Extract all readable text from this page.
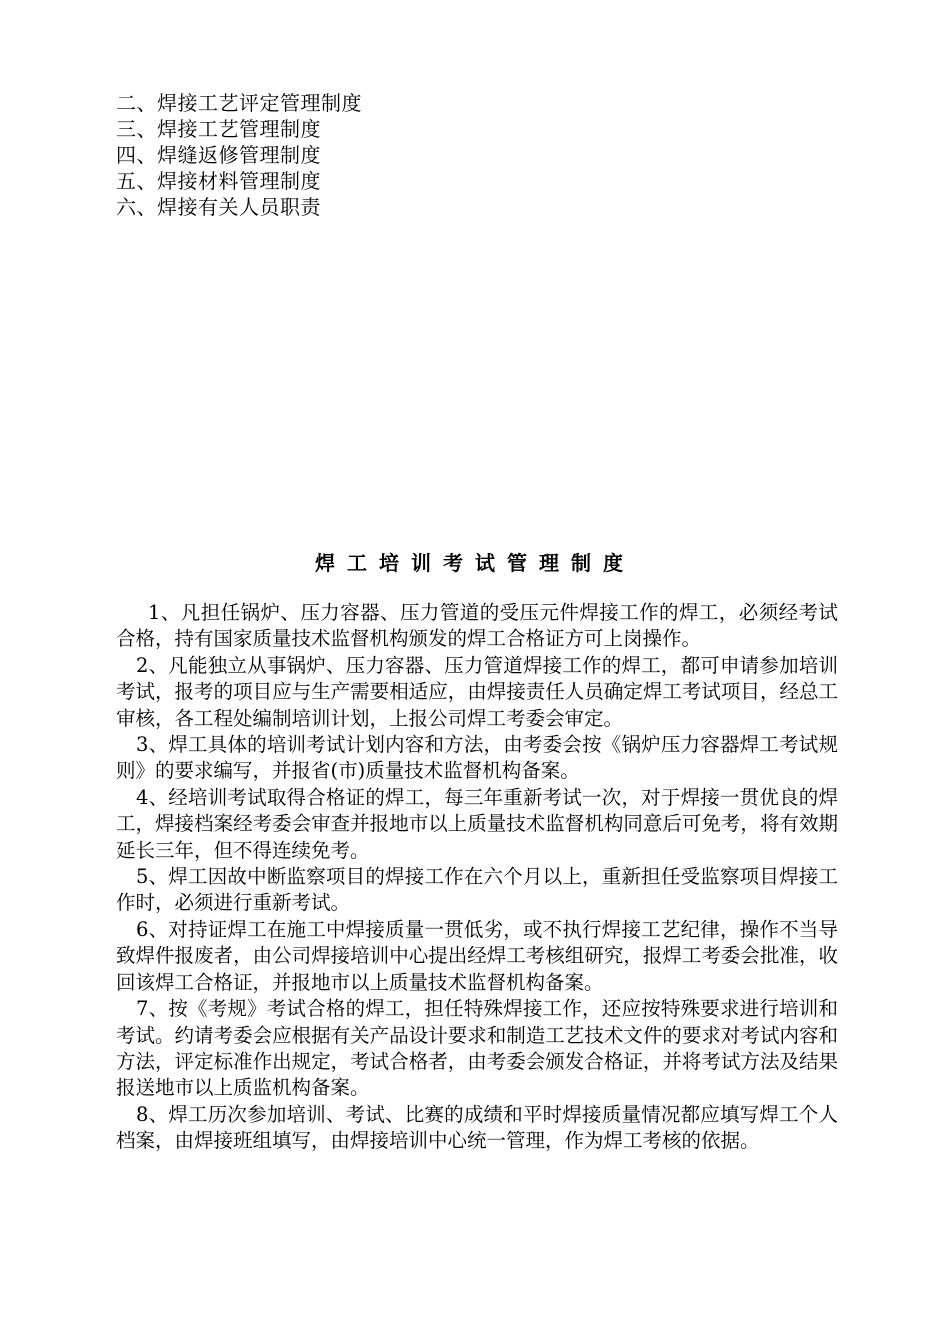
二、焊接工艺评定管理制度
三、焊接工艺管理制度
四、焊缝返修管理制度
五、焊接材料管理制度
六、焊接有关人员职责
焊工培训考试管理制度

1、凡担任锅炉、压力容器、压力管道的受压元件焊接工作的焊工，必须经考试合格，持有国家质量技术监督机构颁发的焊工合格证方可上岗操作。

2、凡能独立从事锅炉、压力容器、压力管道焊接工作的焊工，都可申请参加培训考试，报考的项目应与生产需要相适应，由焊接责任人员确定焊工考试项目，经总工审核，各工程处编制培训计划，上报公司焊工考委会审定。

3、焊工具体的培训考试计划内容和方法，由考委会按《锅炉压力容器焊工考试规则》的要求编写，并报省(市)质量技术监督机构备案。

4、经培训考试取得合格证的焊工，每三年重新考试一次，对于焊接一贯优良的焊工，焊接档案经考委会审查并报地市以上质量技术监督机构同意后可免考，将有效期延长三年，但不得连续免考。

5、焊工因故中断监察项目的焊接工作在六个月以上，重新担任受监察项目焊接工作时，必须进行重新考试。

6、对持证焊工在施工中焊接质量一贯低劣，或不执行焊接工艺纪律，操作不当导致焊件报废者，由公司焊接培训中心提出经焊工考核组研究，报焊工考委会批准，收回该焊工合格证，并报地市以上质量技术监督机构备案。

7、按《考规》考试合格的焊工，担任特殊焊接工作，还应按特殊要求进行培训和考试。约请考委会应根据有关产品设计要求和制造工艺技术文件的要求对考试内容和方法，评定标准作出规定，考试合格者，由考委会颁发合格证，并将考试方法及结果报送地市以上质监机构备案。

8、焊工历次参加培训、考试、比赛的成绩和平时焊接质量情况都应填写焊工个人档案，由焊接班组填写，由焊接培训中心统一管理，作为焊工考核的依据。
